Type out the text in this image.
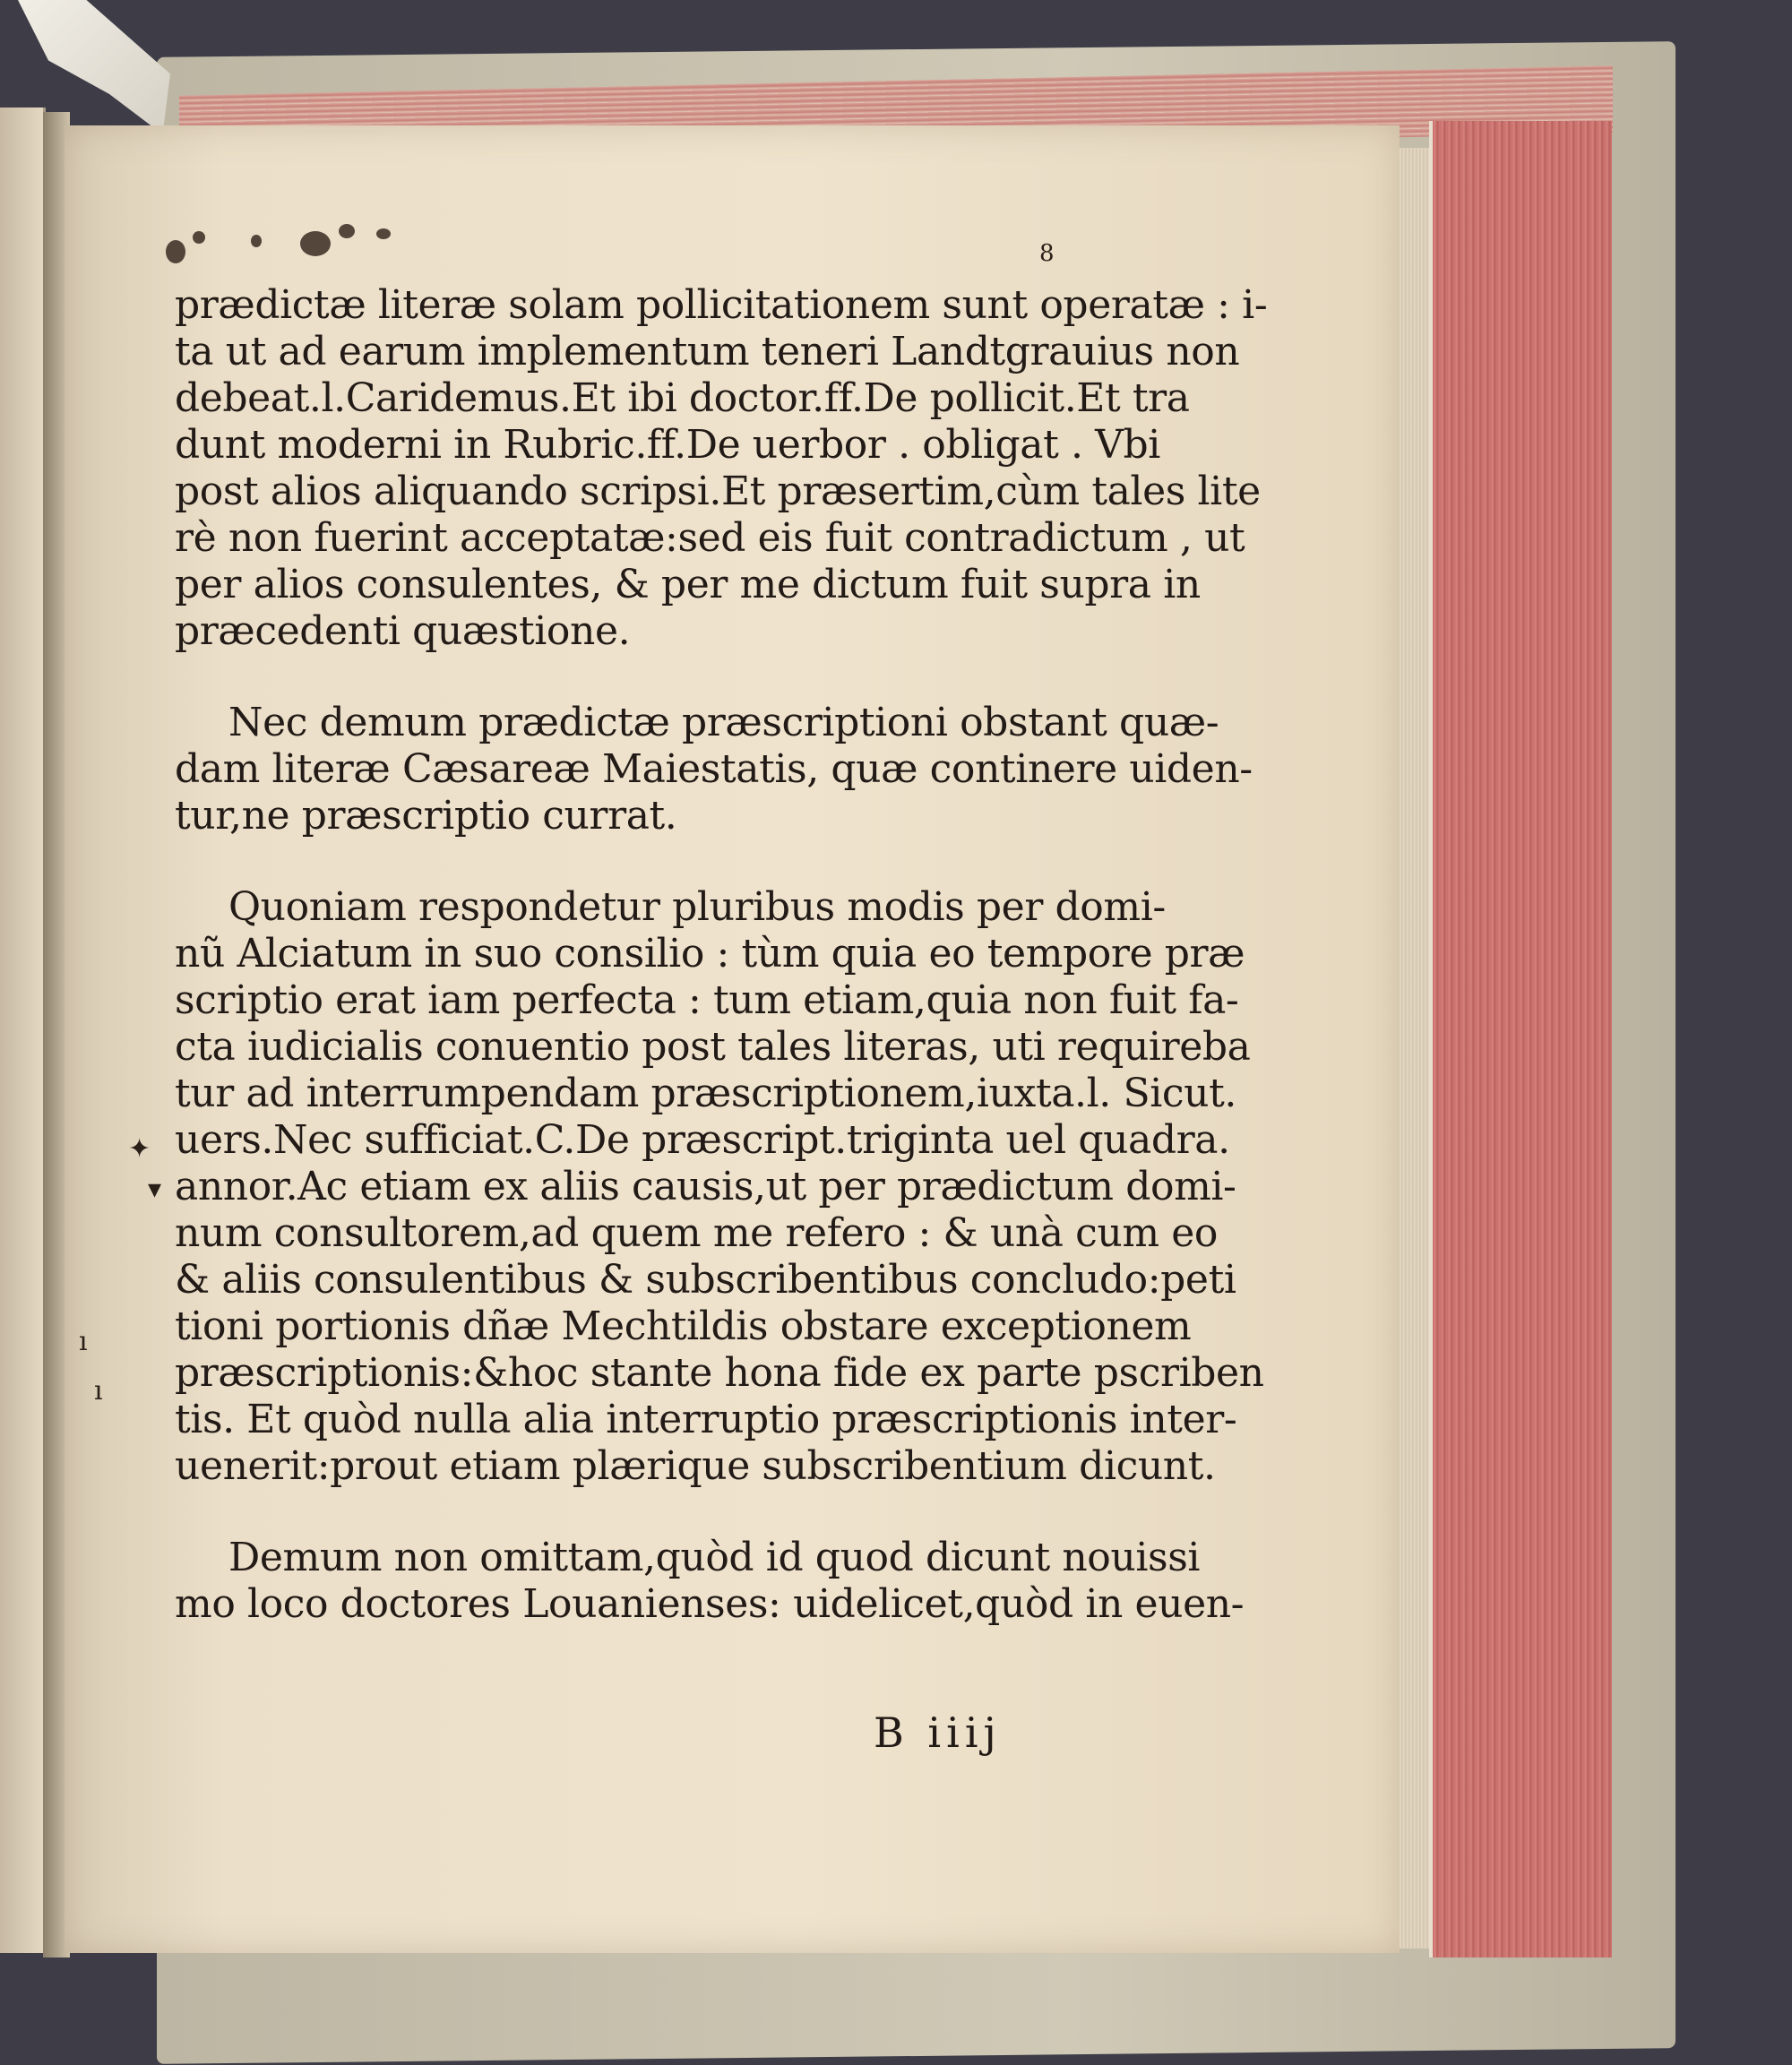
8
prædictæ literæ solam pollicitationem sunt operatæ : i-
ta ut ad earum implementum teneri Landtgrauius non
debeat.l.Caridemus.Et ibi doctor.ff.De pollicit.Et tra
dunt moderni in Rubric.ff.De uerbor . obligat . Vbi
post alios aliquando scripsi.Et præsertim,cùm tales lite
rè non fuerint acceptatæ:sed eis fuit contradictum , ut
per alios consulentes, & per me dictum fuit supra in
præcedenti quæstione.
Nec demum prædictæ præscriptioni obstant quæ-
dam literæ Cæsareæ Maiestatis, quæ continere uiden-
tur,ne præscriptio currat.
Quoniam respondetur pluribus modis per domi-
nũ Alciatum in suo consilio : tùm quia eo tempore præ
scriptio erat iam perfecta : tum etiam,quia non fuit fa-
cta iudicialis conuentio post tales literas, uti requireba
tur ad interrumpendam præscriptionem,iuxta.l. Sicut.
uers.Nec sufficiat.C.De præscript.triginta uel quadra.
annor.Ac etiam ex aliis causis,ut per prædictum domi-
num consultorem,ad quem me refero : & unà cum eo
& aliis consulentibus & subscribentibus concludo:peti
tioni portionis dñæ Mechtildis obstare exceptionem
præscriptionis:&hoc stante hona fide ex parte pscriben
tis. Et quòd nulla alia interruptio præscriptionis inter-
uenerit:prout etiam plærique subscribentium dicunt.
Demum non omittam,quòd id quod dicunt nouissi
mo loco doctores Louanienses: uidelicet,quòd in euen-
B iiij
✦
▾
ı
ı
